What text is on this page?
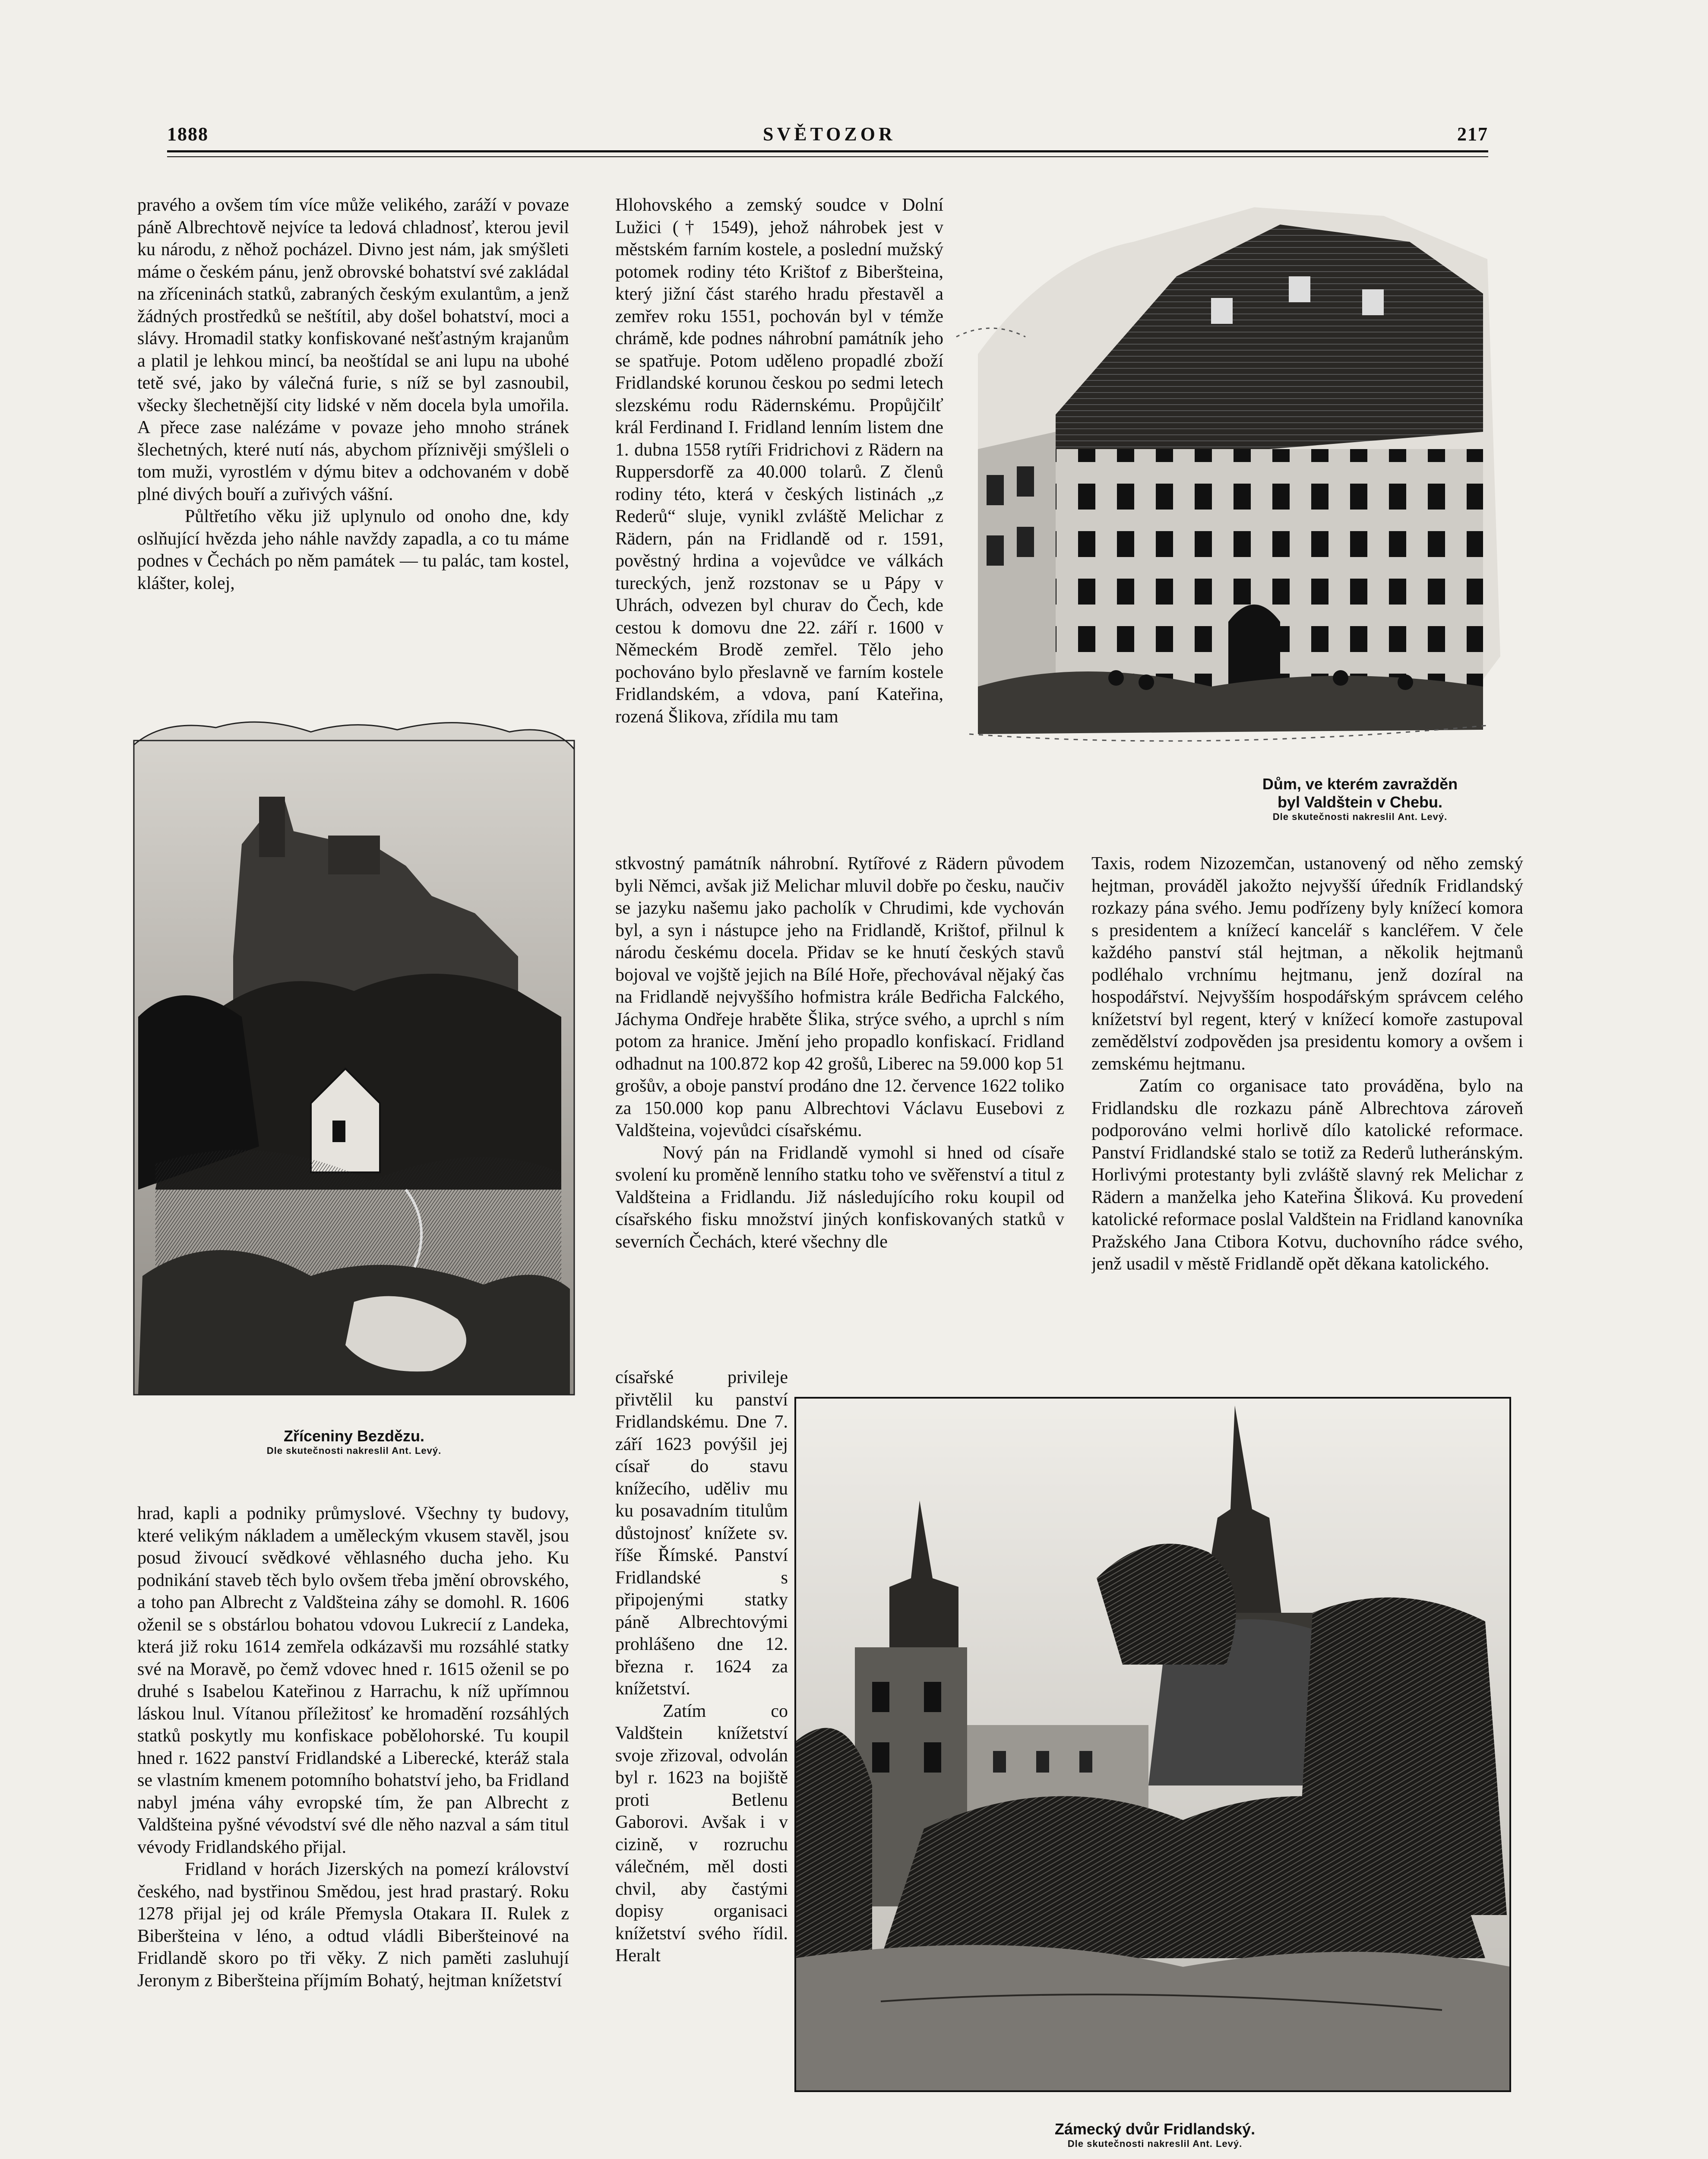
1888	SVĚTOZOR	217

pravého a ovšem tím více může velikého, zaráží v povaze páně Albrechtově nejvíce ta ledová chladnosť, kterou jevil ku národu, z něhož pocházel. Divno jest nám, jak smýšleti máme o českém pánu, jenž obrovské bohatství své zakládal na zříceninách statků, zabraných českým exulantům, a jenž žádných prostředků se neštítil, aby došel bohatství, moci a slávy. Hromadil statky konfiskované nešťastným krajanům a platil je lehkou mincí, ba neoštídal se ani lupu na ubohé tetě své, jako by válečná furie, s níž se byl zasnoubil, všecky šlechetnější city lidské v něm docela byla umořila. A přece zase nalézáme v povaze jeho mnoho stránek šlechetných, které nutí nás, abychom příznivěji smýšleli o tom muži, vyrostlém v dýmu bitev a odchovaném v době plné divých bouří a zuřivých vášní.

Půltřetího věku již uplynulo od onoho dne, kdy oslňující hvězda jeho náhle navždy zapadla, a co tu máme podnes v Čechách po něm památek — tu palác, tam kostel, klášter, kolej,

Zříceniny Bezdězu.
Dle skutečnosti nakreslil Ant. Levý.

hrad, kapli a podniky průmyslové. Všechny ty budovy, které velikým nákladem a uměleckým vkusem stavěl, jsou posud živoucí svědkové věhlasného ducha jeho. Ku podnikání staveb těch bylo ovšem třeba jmění obrovského, a toho pan Albrecht z Valdšteina záhy se domohl. R. 1606 oženil se s obstárlou bohatou vdovou Lukrecií z Landeka, která již roku 1614 zemřela odkázavši mu rozsáhlé statky své na Moravě, po čemž vdovec hned r. 1615 oženil se po druhé s Isabelou Kateřinou z Harrachu, k níž upřímnou láskou lnul. Vítanou příležitosť ke hromadění rozsáhlých statků poskytly mu konfiskace pobělohorské. Tu koupil hned r. 1622 panství Fridlandské a Liberecké, kteráž stala se vlastním kmenem potomního bohatství jeho, ba Fridland nabyl jména váhy evropské tím, že pan Albrecht z Valdšteina pyšné vévodství své dle něho nazval a sám titul vévody Fridlandského přijal.

Fridland v horách Jizerských na pomezí království českého, nad bystřinou Smědou, jest hrad prastarý. Roku 1278 přijal jej od krále Přemysla Otakara II. Rulek z Biberšteina v léno, a odtud vládli Biberšteinové na Fridlandě skoro po tři věky. Z nich paměti zasluhují Jeronym z Biberšteina příjmím Bohatý, hejtman knížetství

Hlohovského a zemský soudce v Dolní Lužici († 1549), jehož náhrobek jest v městském farním kostele, a poslední mužský potomek rodiny této Krištof z Biberšteina, který jižní část starého hradu přestavěl a zemřev roku 1551, pochován byl v témže chrámě, kde podnes náhrobní památník jeho se spatřuje. Potom uděleno propadlé zboží Fridlandské korunou českou po sedmi letech slezskému rodu Rädernskému. Propůjčilť král Ferdinand I. Fridland lenním listem dne 1. dubna 1558 rytíři Fridrichovi z Rädern na Ruppersdorfě za 40.000 tolarů. Z členů rodiny této, která v českých listinách „z Rederů“ sluje, vynikl zvláště Melichar z Rädern, pán na Fridlandě od r. 1591, pověstný hrdina a vojevůdce ve válkách tureckých, jenž rozstonav se u Pápy v Uhrách, odvezen byl churav do Čech, kde cestou k domovu dne 22. září r. 1600 v Německém Brodě zemřel. Tělo jeho pochováno bylo přeslavně ve farním kostele Fridlandském, a vdova, paní Kateřina, rozená Šlikova, zřídila mu tam

Dům, ve kterém zavražděn
byl Valdštein v Chebu.
Dle skutečnosti nakreslil Ant. Levý.

stkvostný památník náhrobní. Rytířové z Rädern původem byli Němci, avšak již Melichar mluvil dobře po česku, naučiv se jazyku našemu jako pacholík v Chrudimi, kde vychován byl, a syn i nástupce jeho na Fridlandě, Krištof, přilnul k národu českému docela. Přidav se ke hnutí českých stavů bojoval ve vojště jejich na Bílé Hoře, přechovával nějaký čas na Fridlandě nejvyššího hofmistra krále Bedřicha Falckého, Jáchyma Ondřeje hraběte Šlika, strýce svého, a uprchl s ním potom za hranice. Jmění jeho propadlo konfiskací. Fridland odhadnut na 100.872 kop 42 grošů, Liberec na 59.000 kop 51 grošův, a oboje panství prodáno dne 12. července 1622 toliko za 150.000 kop panu Albrechtovi Václavu Eusebovi z Valdšteina, vojevůdci císařskému.

Nový pán na Fridlandě vymohl si hned od císaře svolení ku proměně lenního statku toho ve svěřenství a titul z Valdšteina a Fridlandu. Již následujícího roku koupil od císařského fisku množství jiných konfiskovaných statků v severních Čechách, které všechny dle

Taxis, rodem Nizozemčan, ustanovený od něho zemský hejtman, prováděl jakožto nejvyšší úředník Fridlandský rozkazy pána svého. Jemu podřízeny byly knížecí komora s presidentem a knížecí kancelář s kancléřem. V čele každého panství stál hejtman, a několik hejtmanů podléhalo vrchnímu hejtmanu, jenž dozíral na hospodářství. Nejvyšším hospodářským správcem celého knížetství byl regent, který v knížecí komoře zastupoval zemědělství zodpověden jsa presidentu komory a ovšem i zemskému hejtmanu.

Zatím co organisace tato prováděna, bylo na Fridlandsku dle rozkazu páně Albrechtova zároveň podporováno velmi horlivě dílo katolické reformace. Panství Fridlandské stalo se totiž za Rederů lutheránským. Horlivými protestanty byli zvláště slavný rek Melichar z Rädern a manželka jeho Kateřina Šliková. Ku provedení katolické reformace poslal Valdštein na Fridland kanovníka Pražského Jana Ctibora Kotvu, duchovního rádce svého, jenž usadil v městě Fridlandě opět děkana katolického.

císařské privileje přivtělil ku panství Fridlandskému. Dne 7. září 1623 povýšil jej císař do stavu knížecího, uděliv mu ku posavadním titulům důstojnosť knížete sv. říše Římské. Panství Fridlandské s připojenými statky páně Albrechtovými prohlášeno dne 12. března r. 1624 za knížetství.

Zatím co Valdštein knížetství svoje zřizoval, odvolán byl r. 1623 na bojiště proti Betlenu Gaborovi. Avšak i v cizině, v rozruchu válečném, měl dosti chvil, aby častými dopisy organisaci knížetství svého řídil. Heralt

Zámecký dvůr Fridlandský.
Dle skutečnosti nakreslil Ant. Levý.
